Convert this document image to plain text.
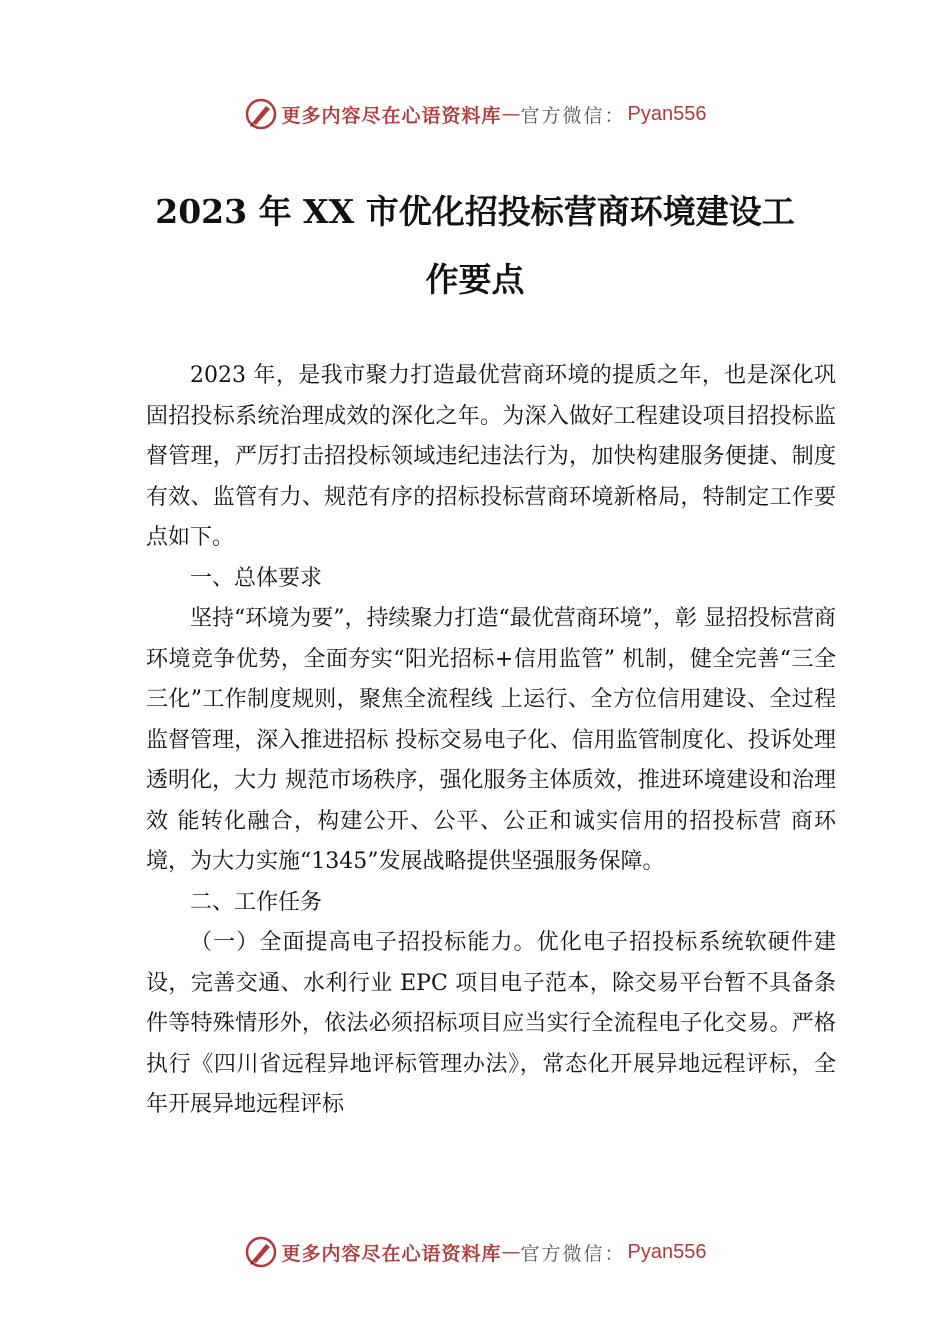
更多内容尽在心语资料库 — 官方微信： Pyan556
2023 年 XX 市优化招投标营商环境建设工
作要点

2023 年，是我市聚力打造最优营商环境的提质之年，也是深化巩固招投标系统治理成效的深化之年。为深入做好工程建设项目招投标监督管理，严厉打击招投标领域违纪违法行为，加快构建服务便捷、制度有效、监管有力、规范有序的招标投标营商环境新格局，特制定工作要点如下。

一、总体要求

坚持“环境为要”，持续聚力打造“最优营商环境”，彰 显招投标营商环境竞争优势，全面夯实“阳光招标+信用监管” 机制，健全完善“三全三化”工作制度规则，聚焦全流程线 上运行、全方位信用建设、全过程监督管理，深入推进招标 投标交易电子化、信用监管制度化、投诉处理透明化，大力 规范市场秩序，强化服务主体质效，推进环境建设和治理效 能转化融合，构建公开、公平、公正和诚实信用的招投标营 商环境，为大力实施“1345”发展战略提供坚强服务保障。

二、工作任务

（一）全面提高电子招投标能力。优化电子招投标系统软硬件建设，完善交通、水利行业 EPC 项目电子范本，除交易平台暂不具备条件等特殊情形外，依法必须招标项目应当实行全流程电子化交易。严格执行《四川省远程异地评标管理办法》，常态化开展异地远程评标，全年开展异地远程评标

更多内容尽在心语资料库 — 官方微信： Pyan556
